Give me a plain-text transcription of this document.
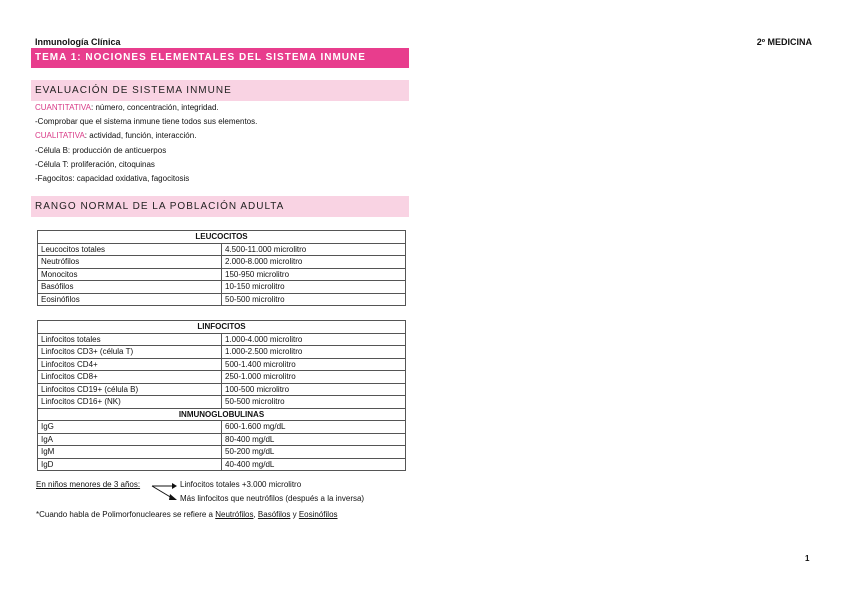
Inmunología Clínica	2º MEDICINA
TEMA 1: NOCIONES ELEMENTALES DEL SISTEMA INMUNE
EVALUACIÓN DE SISTEMA INMUNE
CUANTITATIVA: número, concentración, integridad.
-Comprobar que el sistema inmune tiene todos sus elementos.
CUALITATIVA: actividad, función, interacción.
-Célula B: producción de anticuerpos
-Célula T: proliferación, citoquinas
-Fagocitos: capacidad oxidativa, fagocitosis
RANGO NORMAL DE LA POBLACIÓN ADULTA
LEUCOCITOS	
Leucocitos totales	4.500-11.000 microlitro
Neutrófilos	2.000-8.000 microlitro
Monocitos	150-950 microlitro
Basófilos	10-150 microlitro
Eosinófilos	50-500 microlitro
LINFOCITOS	
Linfocitos totales	1.000-4.000 microlitro
Linfocitos CD3+ (célula T)	1.000-2.500 microlitro
Linfocitos CD4+	500-1.400 microlitro
Linfocitos CD8+	250-1.000 microlitro
Linfocitos CD19+ (célula B)	100-500 microlitro
Linfocitos CD16+ (NK)	50-500 microlitro
INMUNOGLOBULINAS	
IgG	600-1.600 mg/dL
IgA	80-400 mg/dL
IgM	50-200 mg/dL
IgD	40-400 mg/dL
En niños menores de 3 años:	Linfocitos totales +3.000 microlitro
Más linfocitos que neutrófilos (después a la inversa)
*Cuando habla de Polimorfonucleares se refiere a Neutrófilos, Basófilos y Eosinófilos
1
